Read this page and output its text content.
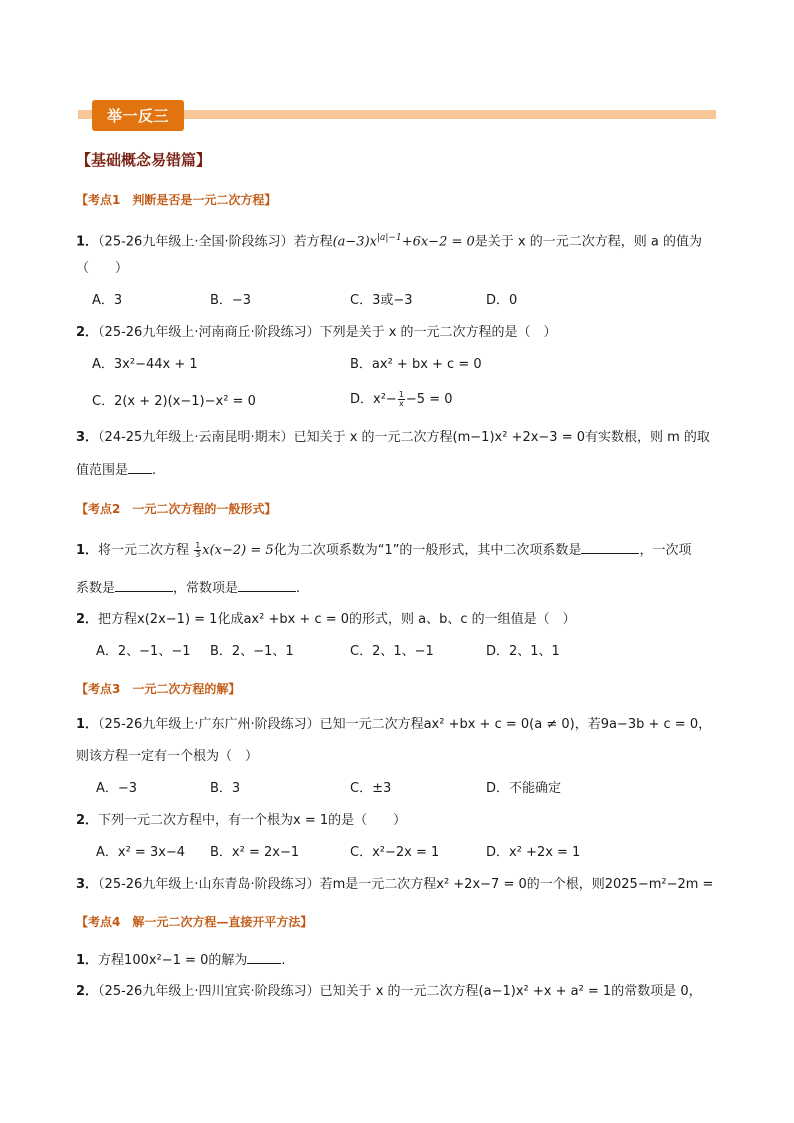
举一反三
【基础概念易错篇】
【考点1　判断是否是一元二次方程】
1．（25-26九年级上·全国·阶段练习）若方程$(a-3)x^{|a|-1}+6x-2 = 0$是关于 x 的一元二次方程，则 a 的值为
（　　）
A．3	B．−3	C．3或−3	D．0
2．（25-26九年级上·河南商丘·阶段练习）下列是关于 x 的一元二次方程的是（　）
A．3x²−44x + 1	B．ax² + bx + c = 0
C．2(x + 2)(x−1)−x² = 0	D．$x^2- \frac{1}{x} -5 = 0$
3．（24-25九年级上·云南昆明·期末）已知关于 x 的一元二次方程(m−1)x² +2x−3 = 0有实数根，则 m 的取
值范围是 .
【考点2　一元二次方程的一般形式】
1．将一元二次方程 $\frac{1}{3} x(x-2) = 5$化为二次项系数为“1”的一般形式，其中二次项系数是	，一次项
系数是	，常数项是	.
2．把方程x(2x−1) = 1化成ax² +bx + c = 0的形式，则 a、b、c 的一组值是（　）
A．2、−1、−1 B．2、−1、1	C．2、1、−1	D．2、1、1
【考点3　一元二次方程的解】
1．（25-26九年级上·广东广州·阶段练习）已知一元二次方程ax² +bx + c = 0(a ≠ 0)，若9a−3b + c = 0，
则该方程一定有一个根为（　）
A．−3	B．3	C．±3	D．不能确定
2．下列一元二次方程中，有一个根为x = 1的是（　　）
A．x² = 3x−4 B．x² = 2x−1	C．x²−2x = 1	D．x² +2x = 1
3．（25-26九年级上·山东青岛·阶段练习）若m是一元二次方程x² +2x−7 = 0的一个根，则2025−m²−2m =
【考点4　解一元二次方程—直接开平方法】
1．方程100x²−1 = 0的解为	.
2．（25-26九年级上·四川宜宾·阶段练习）已知关于 x 的一元二次方程(a−1)x² +x + a² = 1的常数项是 0，
